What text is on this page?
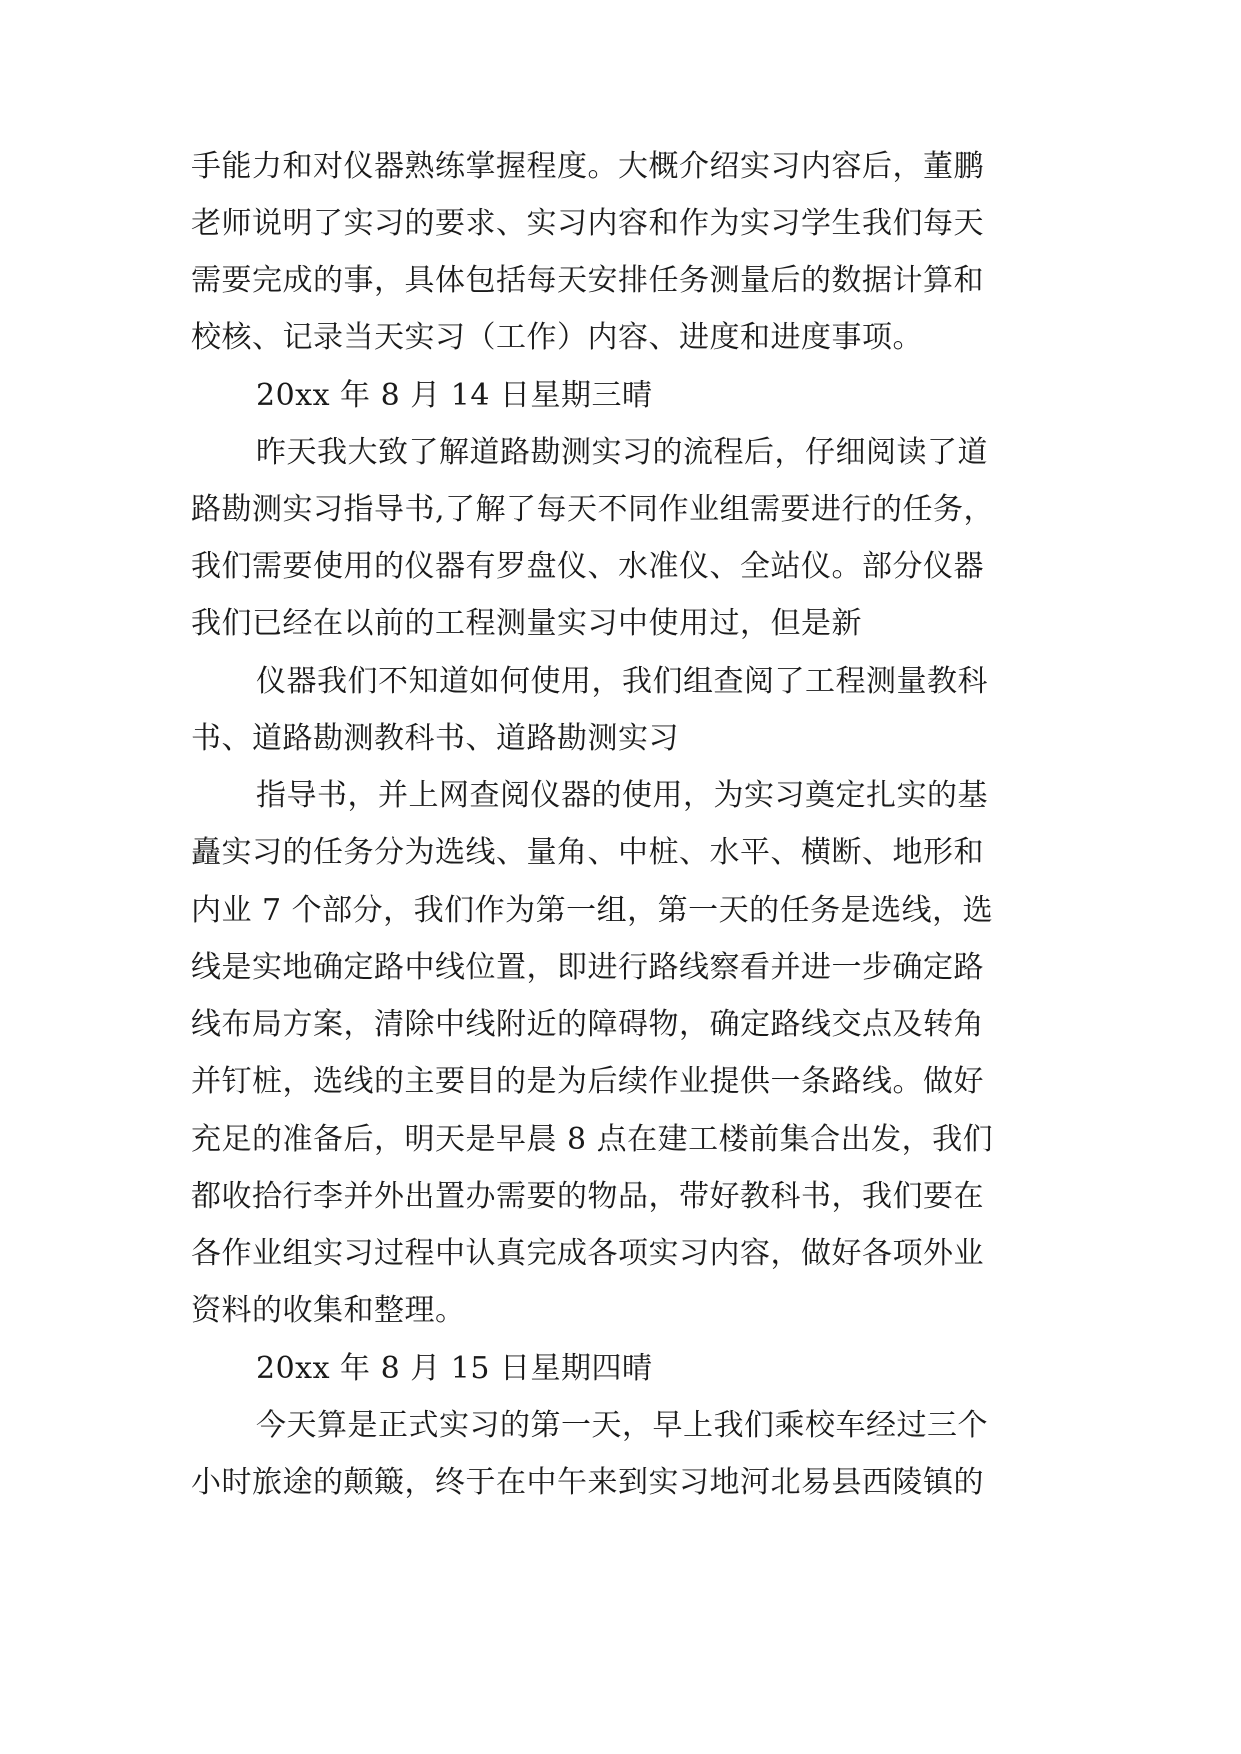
手能力和对仪器熟练掌握程度。大概介绍实习内容后，董鹏
老师说明了实习的要求、实习内容和作为实习学生我们每天
需要完成的事，具体包括每天安排任务测量后的数据计算和
校核、记录当天实习（工作）内容、进度和进度事项。
20xx 年 8 月 14 日星期三晴
昨天我大致了解道路勘测实习的流程后，仔细阅读了道
路勘测实习指导书,了解了每天不同作业组需要进行的任务，
我们需要使用的仪器有罗盘仪、水准仪、全站仪。部分仪器
我们已经在以前的工程测量实习中使用过，但是新
仪器我们不知道如何使用，我们组查阅了工程测量教科
书、道路勘测教科书、道路勘测实习
指导书，并上网查阅仪器的使用，为实习奠定扎实的基
矗实习的任务分为选线、量角、中桩、水平、横断、地形和
内业 7 个部分，我们作为第一组，第一天的任务是选线，选
线是实地确定路中线位置，即进行路线察看并进一步确定路
线布局方案，清除中线附近的障碍物，确定路线交点及转角
并钉桩，选线的主要目的是为后续作业提供一条路线。做好
充足的准备后，明天是早晨 8 点在建工楼前集合出发，我们
都收拾行李并外出置办需要的物品，带好教科书，我们要在
各作业组实习过程中认真完成各项实习内容，做好各项外业
资料的收集和整理。
20xx 年 8 月 15 日星期四晴
今天算是正式实习的第一天，早上我们乘校车经过三个
小时旅途的颠簸，终于在中午来到实习地河北易县西陵镇的
